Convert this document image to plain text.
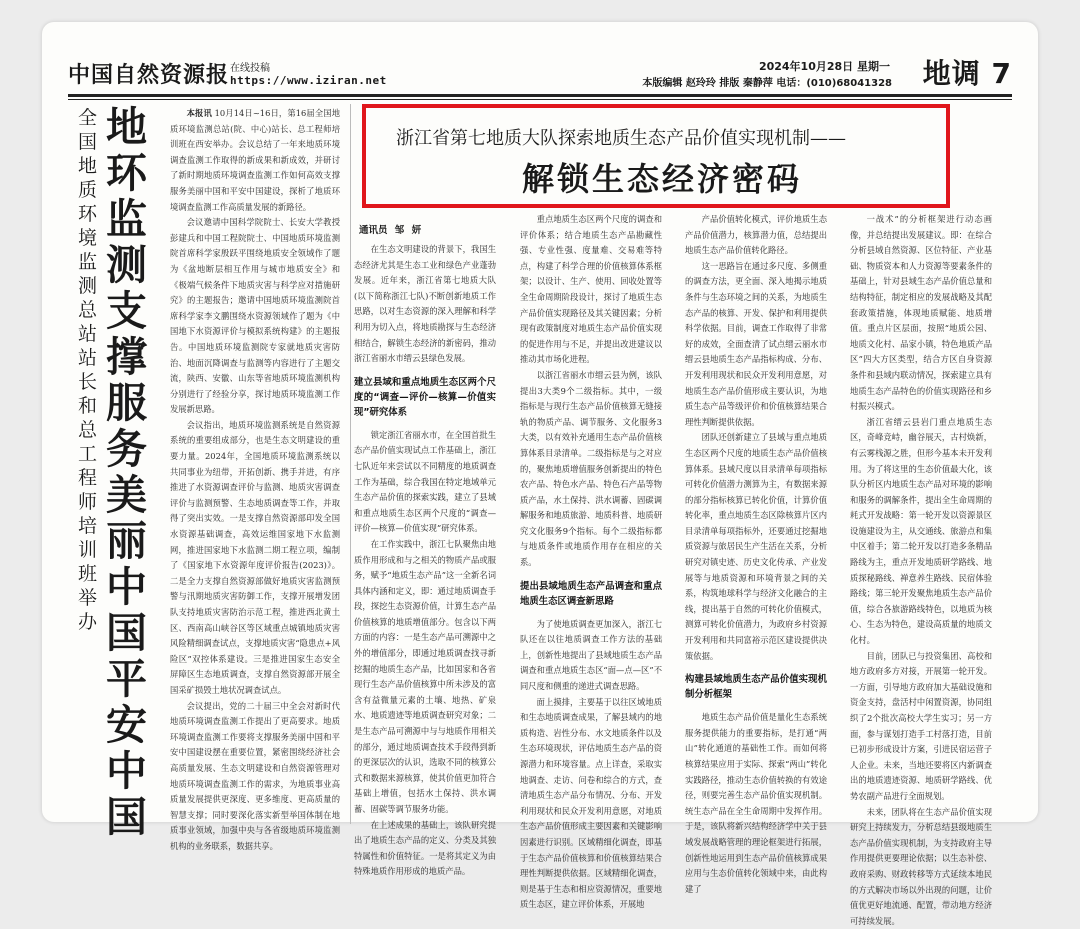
中国自然资源报 在线投稿
https://www.iziran.net
2024年10月28日 星期一
本版编辑 赵玲玲 排版 秦静萍 电话：(010)68041328 地调 7
全国地质环境监测总站站长和总工程师培训班举办
地环监测支撑服务美丽中国平安中国

本报讯 10月14日~16日，第16届全国地质环境监测总站(院、中心)站长、总工程师培训班在西安举办。会议总结了一年来地质环境调查监测工作取得的新成果和新成效，并研讨了新时期地质环境调查监测工作如何高效支撑服务美丽中国和平安中国建设，探析了地质环境调查监测工作高质量发展的新路径。

会议邀请中国科学院院士、长安大学教授彭建兵和中国工程院院士、中国地质环境监测院首席科学家殷跃平围绕地质安全领域作了题为《盆地断层相互作用与城市地质安全》和《极端气候条件下地质灾害与科学应对措施研究》的主题报告；邀请中国地质环境监测院首席科学家李文鹏围绕水资源领域作了题为《中国地下水资源评价与模拟系统构建》的主题报告。中国地质环境监测院专家就地质灾害防治、地面沉降调查与监测等内容进行了主题交流，陕西、安徽、山东等省地质环境监测机构分别进行了经验分享，探讨地质环境监测工作发展新思路。

会议指出，地质环境监测系统是自然资源系统的重要组成部分，也是生态文明建设的重要力量。2024年，全国地质环境监测系统以共同事业为纽带，开拓创新、携手并进，有序推进了水资源调查评价与监测、地质灾害调查评价与监测预警、生态地质调查等工作，并取得了突出实效。一是支撑自然资源部印发全国水资源基础调查，高效运维国家地下水监测网，推进国家地下水监测二期工程立项，编制了《国家地下水资源年度评价报告(2023)》。二是全力支撑自然资源部做好地质灾害监测预警与汛期地质灾害防御工作，支撑开展增发团队支持地质灾害防治示范工程，推进西北黄土区、西南高山峡谷区等区域重点城镇地质灾害风险精细调查试点，支撑地质灾害“隐患点+风险区”双控体系建设。三是推进国家生态安全屏障区生态地质调查，支撑自然资源部开展全国采矿损毁土地状况调查试点。

会议提出，党的二十届三中全会对新时代地质环境调查监测工作提出了更高要求。地质环境调查监测工作要将支撑服务美丽中国和平安中国建设摆在重要位置，紧密围绕经济社会高质量发展、生态文明建设和自然资源管理对地质环境调查监测工作的需求，为地质事业高质量发展提供更深度、更多维度、更高质量的智慧支撑；同时要深化落实新型举国体制在地质事业领域，加强中央与各省级地质环境监测机构的业务联系，数据共享。

浙江省第七地质大队探索地质生态产品价值实现机制——
解锁生态经济密码
通讯员 邹 妍

在生态文明建设的背景下，我国生态经济尤其是生态工业和绿色产业蓬勃发展。近年来，浙江省第七地质大队(以下简称浙江七队)不断创新地质工作思路，以对生态资源的深入理解和科学利用为切入点，将地质勘探与生态经济相结合，解锁生态经济的新密码，推动浙江省丽水市缙云县绿色发展。

建立县域和重点地质生态区两个尺度的“调查—评价—核算—价值实现”研究体系

锁定浙江省丽水市，在全国首批生态产品价值实现试点工作基础上，浙江七队近年来尝试以不同精度的地质调查工作为基础，综合我国在特定地域单元生态产品价值的探索实践，建立了县域和重点地质生态区两个尺度的“调查—评价—核算—价值实现”研究体系。

在工作实践中，浙江七队聚焦由地质作用形成和与之相关的物质产品或服务，赋予“地质生态产品”这一全新名词具体内涵和定义，即：通过地质调查手段，探挖生态资源价值，计算生态产品价值核算的地质增值部分。包含以下两方面的内容：一是生态产品可溯源中之外的增值部分，即通过地质调查找寻新挖掘的地质生态产品，比如国家和各省现行生态产品价值核算中所未涉及的富含有益微量元素的土壤、地热、矿泉水、地质遗迹等地质调查研究对象；二是生态产品可溯源中与与地质作用相关的部分，通过地质调查技术手段得到新的更深层次的认识，选取不同的核算公式和数据来源核算，使其价值更加符合基础上增值，包括水土保持、洪水调蓄、固碳等调节服务功能。

在上述成果的基础上，该队研究提出了地质生态产品的定义、分类及其独特属性和价值特征。一是将其定义为由特殊地质作用形成的地质产品。

重点地质生态区两个尺度的调查和评价体系；结合地质生态产品勘藏性强、专业性强、度量难、交易难等特点，构建了科学合理的价值核算体系框架；以设计、生产、使用、回收处置等全生命周期阶段设计，探讨了地质生态产品价值实现路径及其关键因素；分析现有政策制度对地质生态产品价值实现的促进作用与不足，并提出改进建议以推动其市场化进程。

以浙江省丽水市缙云县为例，该队提出3大类9个二级指标。其中，一级指标是与现行生态产品价值核算无缝接轨的物质产品、调节服务、文化服务3大类，以有效补充通用生态产品价值核算体系目录清单。二级指标是与之对应的，聚焦地质增值服务创新提出的特色农产品、特色水产品、特色石产品等物质产品，水土保持、洪水调蓄、固碳调解服务和地质旅游、地质科普、地质研究文化服务9个指标。每个二级指标都与地质条件或地质作用存在相应的关系。

提出县域地质生态产品调查和重点地质生态区调查新思路

为了使地质调查更加深入，浙江七队还在以往地质调查工作方法的基础上，创新性地提出了县域地质生态产品调查和重点地质生态区“面—点—区”不同尺度和侧重的递进式调查思路。

面上摸排，主要基于以往区域地质和生态地质调查成果，了解县域内的地质构造、岩性分布、水文地质条件以及生态环境现状，评估地质生态产品的资源潜力和环境容量。点上详查，采取实地调查、走访、问卷和综合的方式，查清地质生态产品分布情况、分布、开发利用现状和民众开发利用意愿，对地质生态产品价值形成主要因素和关键影响因素进行识别。区域精细化调查，即基于生态产品价值核算和价值核算结果合理性判断提供依据。区域精细化调查，则是基于生态和相应资源情况，重要地质生态区，建立评价体系，开展地

产品价值转化模式，评价地质生态产品价值潜力，核算潜力值，总结提出地质生态产品价值转化路径。

这一思路旨在通过多尺度、多侧重的调查方法，更全面、深入地揭示地质条件与生态环境之间的关系，为地质生态产品的核算、开发、保护和利用提供科学依据。目前，调查工作取得了非常好的成效，全面查清了试点缙云丽水市缙云县地质生态产品指标构成、分布、开发利用现状和民众开发利用意愿，对地质生态产品价值形成主要认识，为地质生态产品等级评价和价值核算结果合理性判断提供依据。

团队还创新建立了县域与重点地质生态区两个尺度的地质生态产品价值核算体系。县域尺度以目录清单每项指标可转化价值潜力测算为主，有数据来源的部分指标核算已转化价值，计算价值转化率，重点地质生态区除核算片区内目录清单每项指标外，还要通过挖掘地质资源与旅居民生产生活在关系，分析研究对镇史迹、历史文化传承、产业发展等与地质资源和环境背景之间的关系，构筑地球科学与经济文化融合的主线，提出基于自然的可转化价值模式，测算可转化价值潜力，为政府乡村资源开发利用和共同富裕示范区建设提供决策依据。

构建县域地质生态产品价值实现机制分析框架

地质生态产品价值是量化生态系统服务提供能力的重要指标，是打通“两山”转化通道的基础性工作。而如何将核算结果应用于实际、探索“两山”转化实践路径，推动生态价值转换的有效途径，则要完善生态产品价值实现机制。统生态产品在全生命周期中发挥作用。于是，该队将新兴结构经济学中关于县域发展战略管理的理论框架进行拓展，创新性地运用到生态产品价值核算成果应用与生态价值转化领域中来，由此构建了

一战术”的分析框架进行动态画像，并总结提出发展建议。即：在综合分析县域自然资源、区位特征、产业基础、物质资本和人力资源等要素条件的基础上，针对县域生态产品价值总量和结构特征，制定相应的发展战略及其配套政策措施，体现地质赋能、地质增值。重点片区层面，按照“地质公园、地质文化村、品家小镇，特色地质产品区”四大方区类型，结合方区自身资源条件和县域内联动情况，探索建立具有地质生态产品特色的价值实现路径和乡村振兴模式。

浙江省缙云县岩门重点地质生态区，奇峰竞峙，幽谷展天，古村焕新，有云雾栈源之胜，但形今基本未开发利用。为了将这里的生态价值最大化，该队分析区内地质生态产品对环境的影响和服务的调解条件，提出全生命周期的耗式开发战略：第一轮开发以资源景区设施建设为主，从交通线、旅游点和集中区着手；第二轮开发以打造多条精品路线为主，重点开发地质研学路线、地质探秘路线、禅意养生路线、民宿体验路线；第三轮开发聚焦地质生态产品价值，综合各旅游路线特色，以地质为核心、生态为特色，建设高质量的地质文化村。

目前，团队已与投资集团、高校和地方政府多方对接，开展第一轮开发。一方面，引导地方政府加大基础设施和资金支持，盘活村中闲置资源，协同组织了2个批次高校大学生实习；另一方面，参与谋划打造手工村落打造，目前已初步形成设计方案，引进民宿运营子人企业。未来，当地还要将区内新调查出的地质遗迹资源、地质研学路线、优势农副产品进行全面规划。

未来，团队将在生态产品价值实现研究上持续发力，分析总结县级地质生态产品价值实现机制，为支持政府主导作用提供更要理论依据；以生态补偿、政府采购、财政转移等方式延续本地民的方式解决市场以外出现的问题，让价值优更好地流通、配置，带动地方经济可持续发展。
